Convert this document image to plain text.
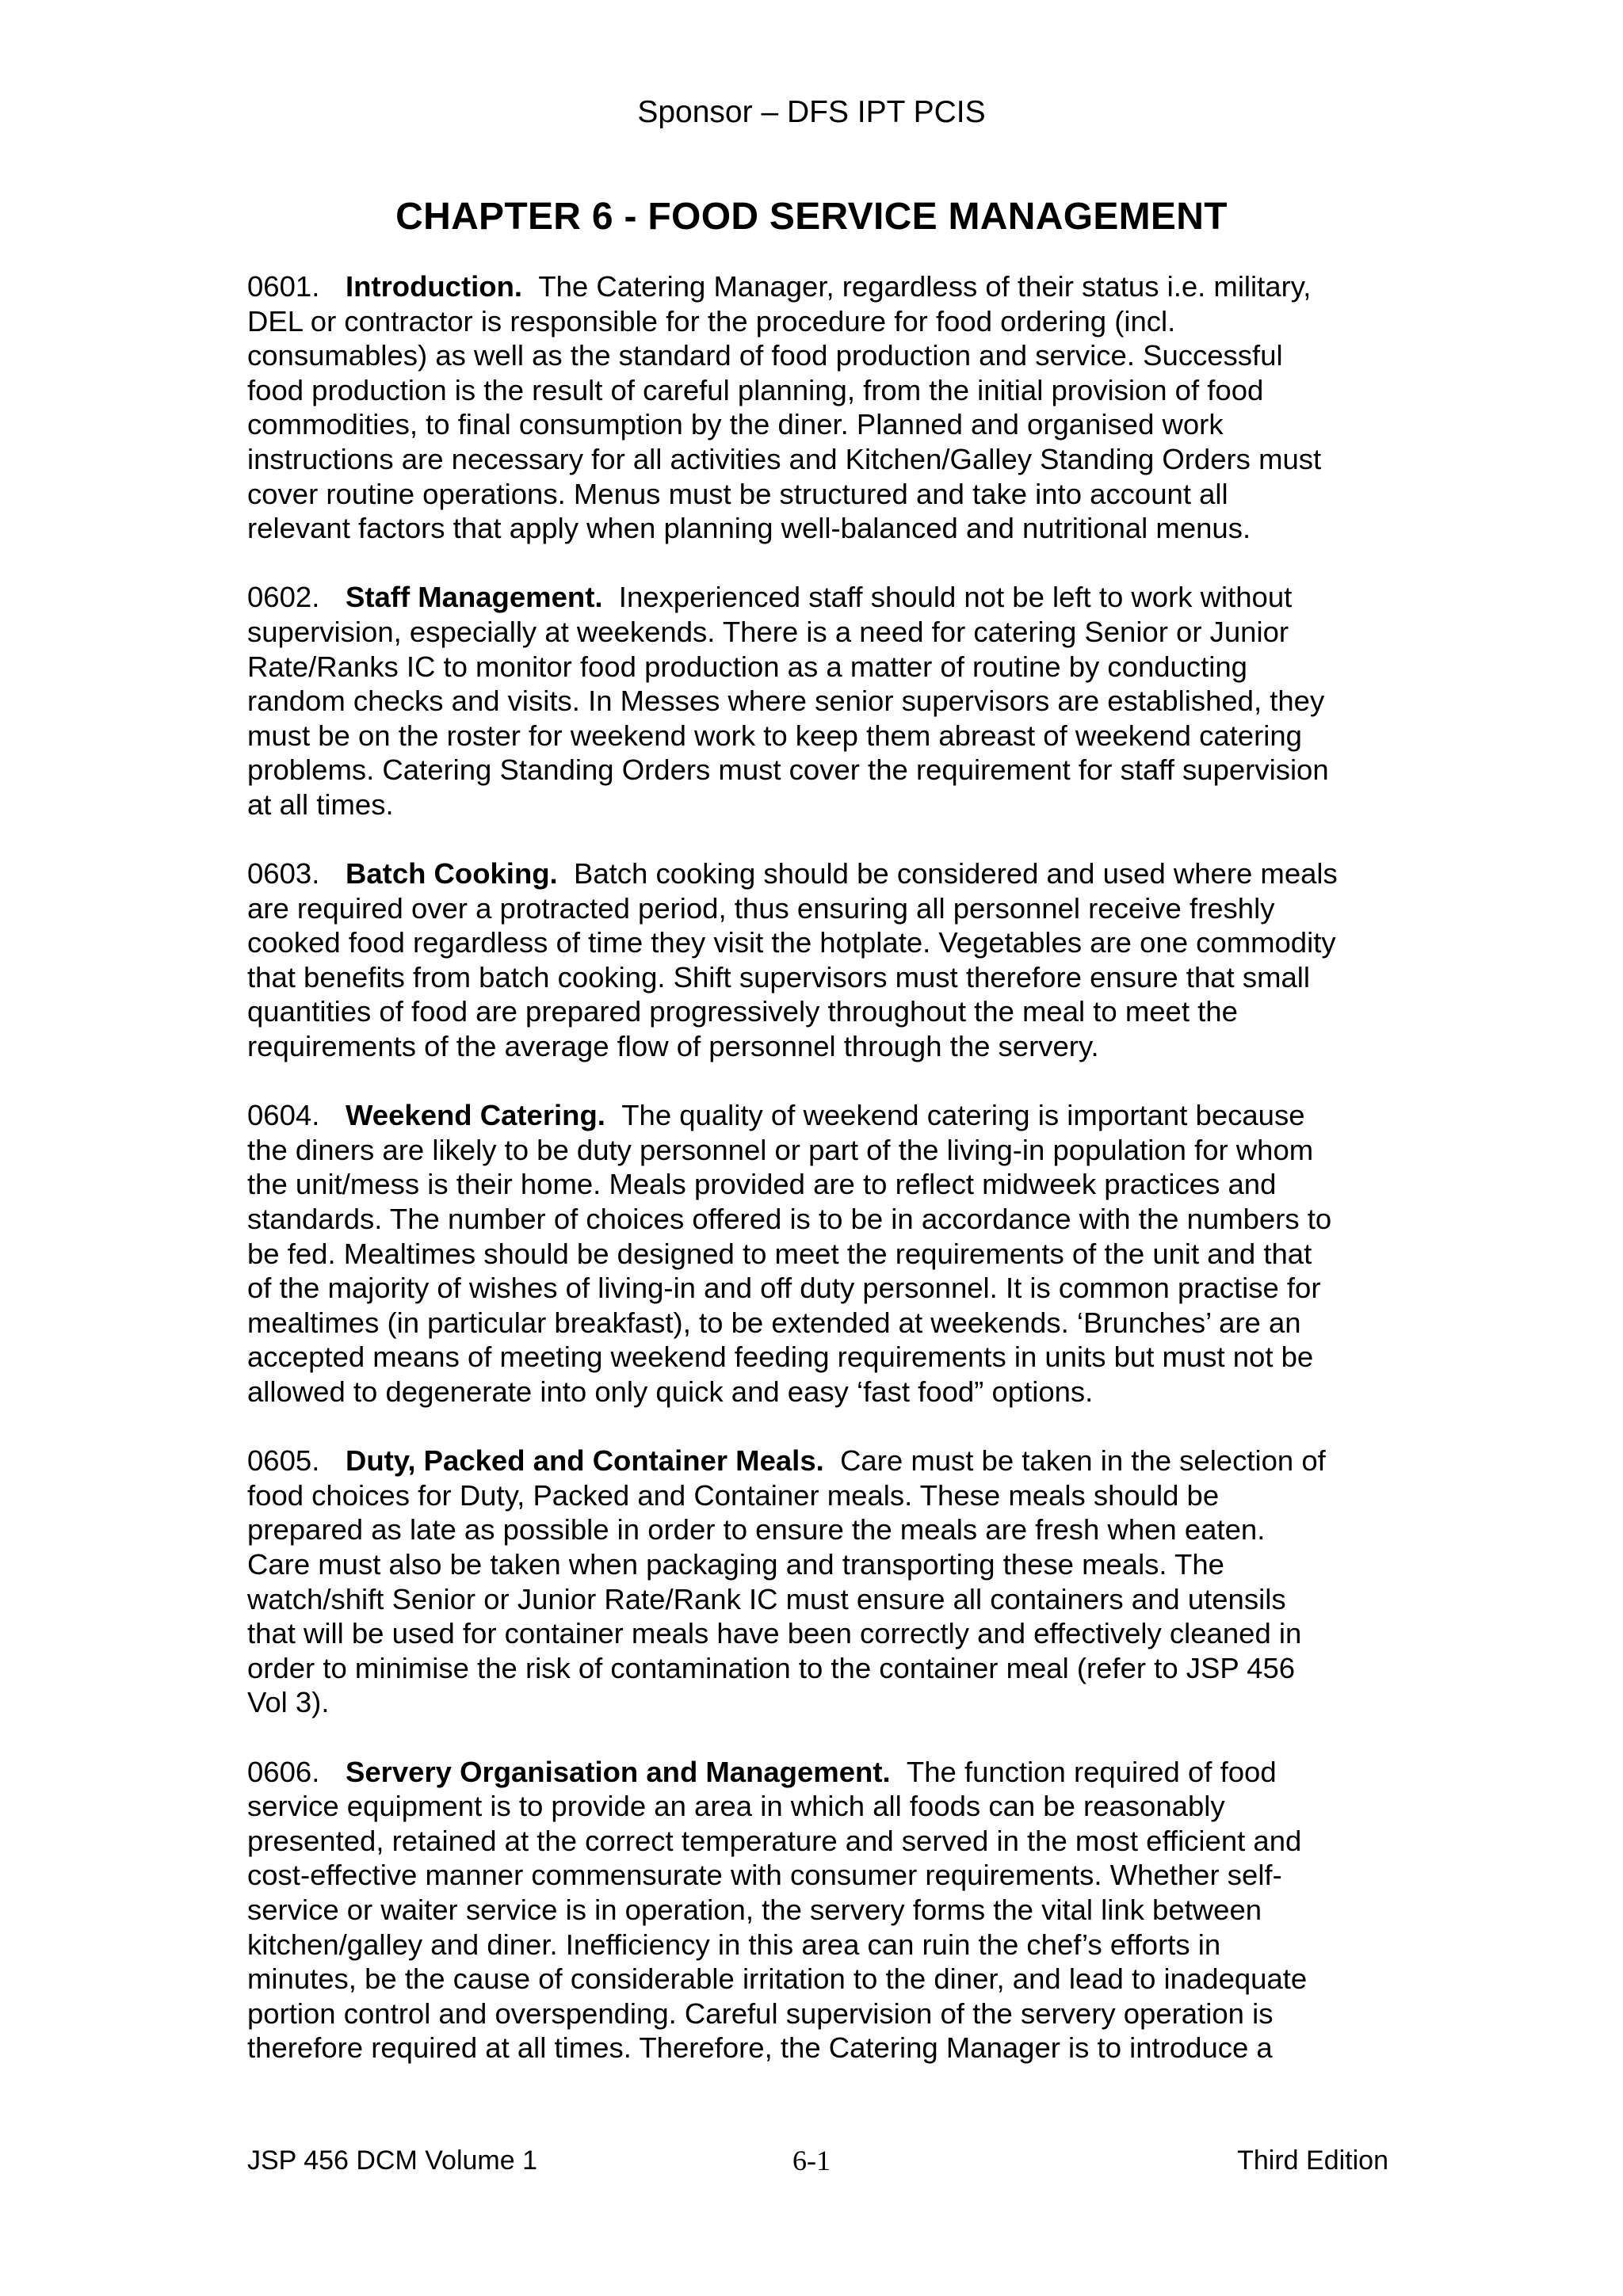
Sponsor – DFS IPT PCIS
CHAPTER 6 - FOOD SERVICE MANAGEMENT
0601. Introduction. The Catering Manager, regardless of their status i.e. military,
DEL or contractor is responsible for the procedure for food ordering (incl.
consumables) as well as the standard of food production and service. Successful
food production is the result of careful planning, from the initial provision of food
commodities, to final consumption by the diner. Planned and organised work
instructions are necessary for all activities and Kitchen/Galley Standing Orders must
cover routine operations. Menus must be structured and take into account all
relevant factors that apply when planning well-balanced and nutritional menus.
0602. Staff Management. Inexperienced staff should not be left to work without
supervision, especially at weekends. There is a need for catering Senior or Junior
Rate/Ranks IC to monitor food production as a matter of routine by conducting
random checks and visits. In Messes where senior supervisors are established, they
must be on the roster for weekend work to keep them abreast of weekend catering
problems. Catering Standing Orders must cover the requirement for staff supervision
at all times.
0603. Batch Cooking. Batch cooking should be considered and used where meals
are required over a protracted period, thus ensuring all personnel receive freshly
cooked food regardless of time they visit the hotplate. Vegetables are one commodity
that benefits from batch cooking. Shift supervisors must therefore ensure that small
quantities of food are prepared progressively throughout the meal to meet the
requirements of the average flow of personnel through the servery.
0604. Weekend Catering. The quality of weekend catering is important because
the diners are likely to be duty personnel or part of the living-in population for whom
the unit/mess is their home. Meals provided are to reflect midweek practices and
standards. The number of choices offered is to be in accordance with the numbers to
be fed. Mealtimes should be designed to meet the requirements of the unit and that
of the majority of wishes of living-in and off duty personnel. It is common practise for
mealtimes (in particular breakfast), to be extended at weekends. ‘Brunches’ are an
accepted means of meeting weekend feeding requirements in units but must not be
allowed to degenerate into only quick and easy ‘fast food” options.
0605. Duty, Packed and Container Meals. Care must be taken in the selection of
food choices for Duty, Packed and Container meals. These meals should be
prepared as late as possible in order to ensure the meals are fresh when eaten.
Care must also be taken when packaging and transporting these meals. The
watch/shift Senior or Junior Rate/Rank IC must ensure all containers and utensils
that will be used for container meals have been correctly and effectively cleaned in
order to minimise the risk of contamination to the container meal (refer to JSP 456
Vol 3).
0606. Servery Organisation and Management. The function required of food
service equipment is to provide an area in which all foods can be reasonably
presented, retained at the correct temperature and served in the most efficient and
cost-effective manner commensurate with consumer requirements. Whether self-
service or waiter service is in operation, the servery forms the vital link between
kitchen/galley and diner. Inefficiency in this area can ruin the chef’s efforts in
minutes, be the cause of considerable irritation to the diner, and lead to inadequate
portion control and overspending. Careful supervision of the servery operation is
therefore required at all times. Therefore, the Catering Manager is to introduce a
JSP 456 DCM Volume 1	6-1	Third Edition
